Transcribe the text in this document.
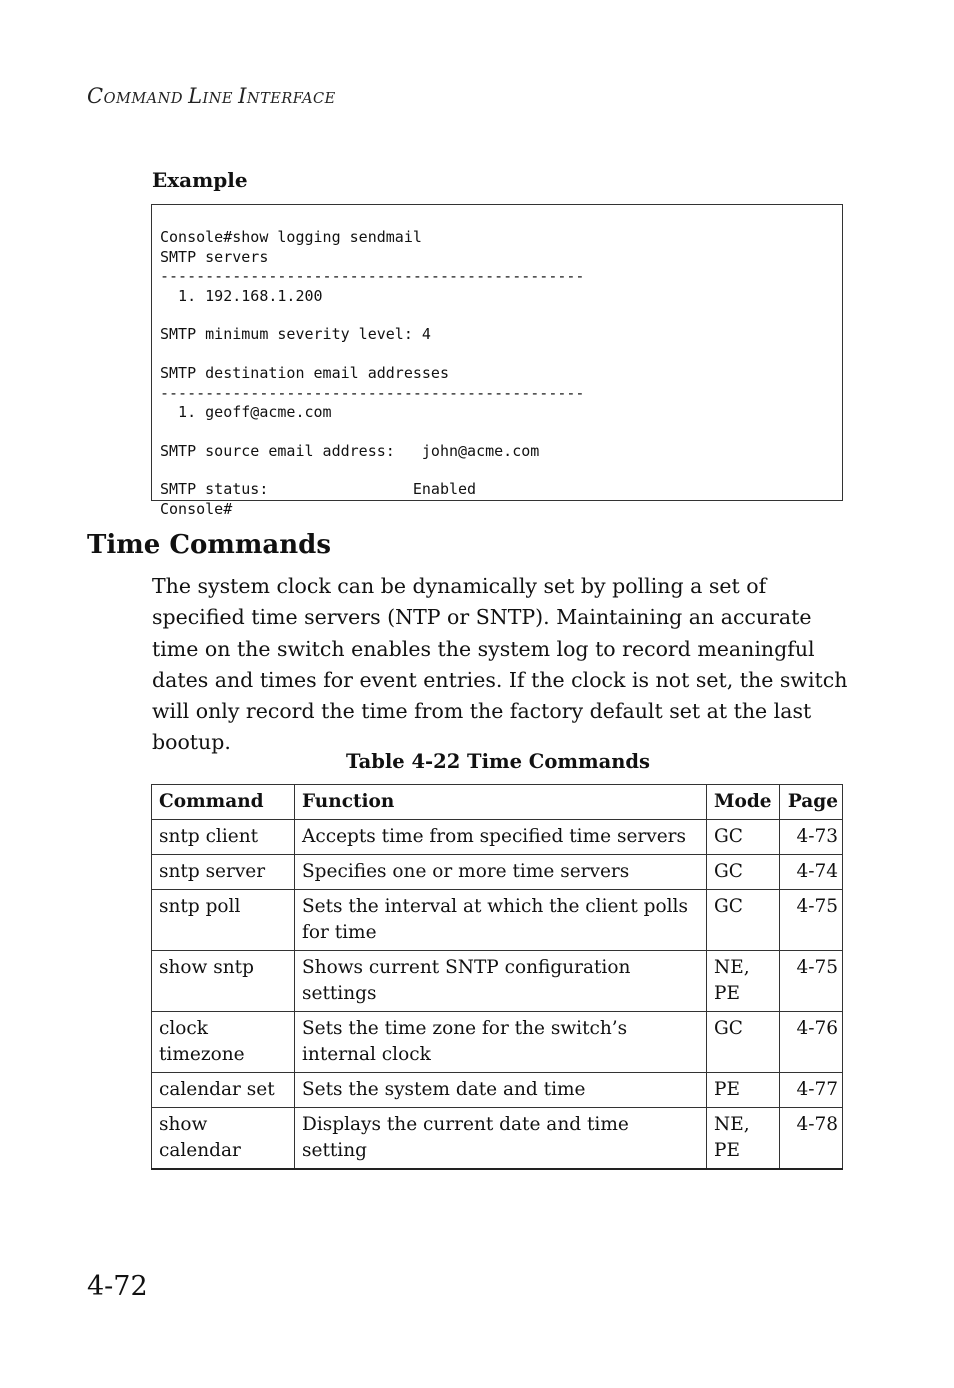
COMMAND LINE INTERFACE
Example

Console#show logging sendmail
SMTP servers
-----------------------------------------------
1. 192.168.1.200
SMTP minimum severity level: 4
SMTP destination email addresses
-----------------------------------------------
1. geoff@acme.com
SMTP source email address:   john@acme.com
SMTP status:                Enabled
Console#

Time Commands

The system clock can be dynamically set by polling a set of specified time servers (NTP or SNTP). Maintaining an accurate time on the switch enables the system log to record meaningful dates and times for event entries. If the clock is not set, the switch will only record the time from the factory default set at the last bootup.

Table 4-22 Time Commands
Command	Function	Mode	Page
sntp client	Accepts time from specified time servers	GC	4-73
sntp server	Specifies one or more time servers	GC	4-74
sntp poll	Sets the interval at which the client polls for time	GC	4-75
show sntp	Shows current SNTP configuration settings	NE, PE	4-75
clock timezone	Sets the time zone for the switch’s internal clock	GC	4-76
calendar set	Sets the system date and time	PE	4-77
show calendar	Displays the current date and time setting	NE, PE	4-78
4-72
